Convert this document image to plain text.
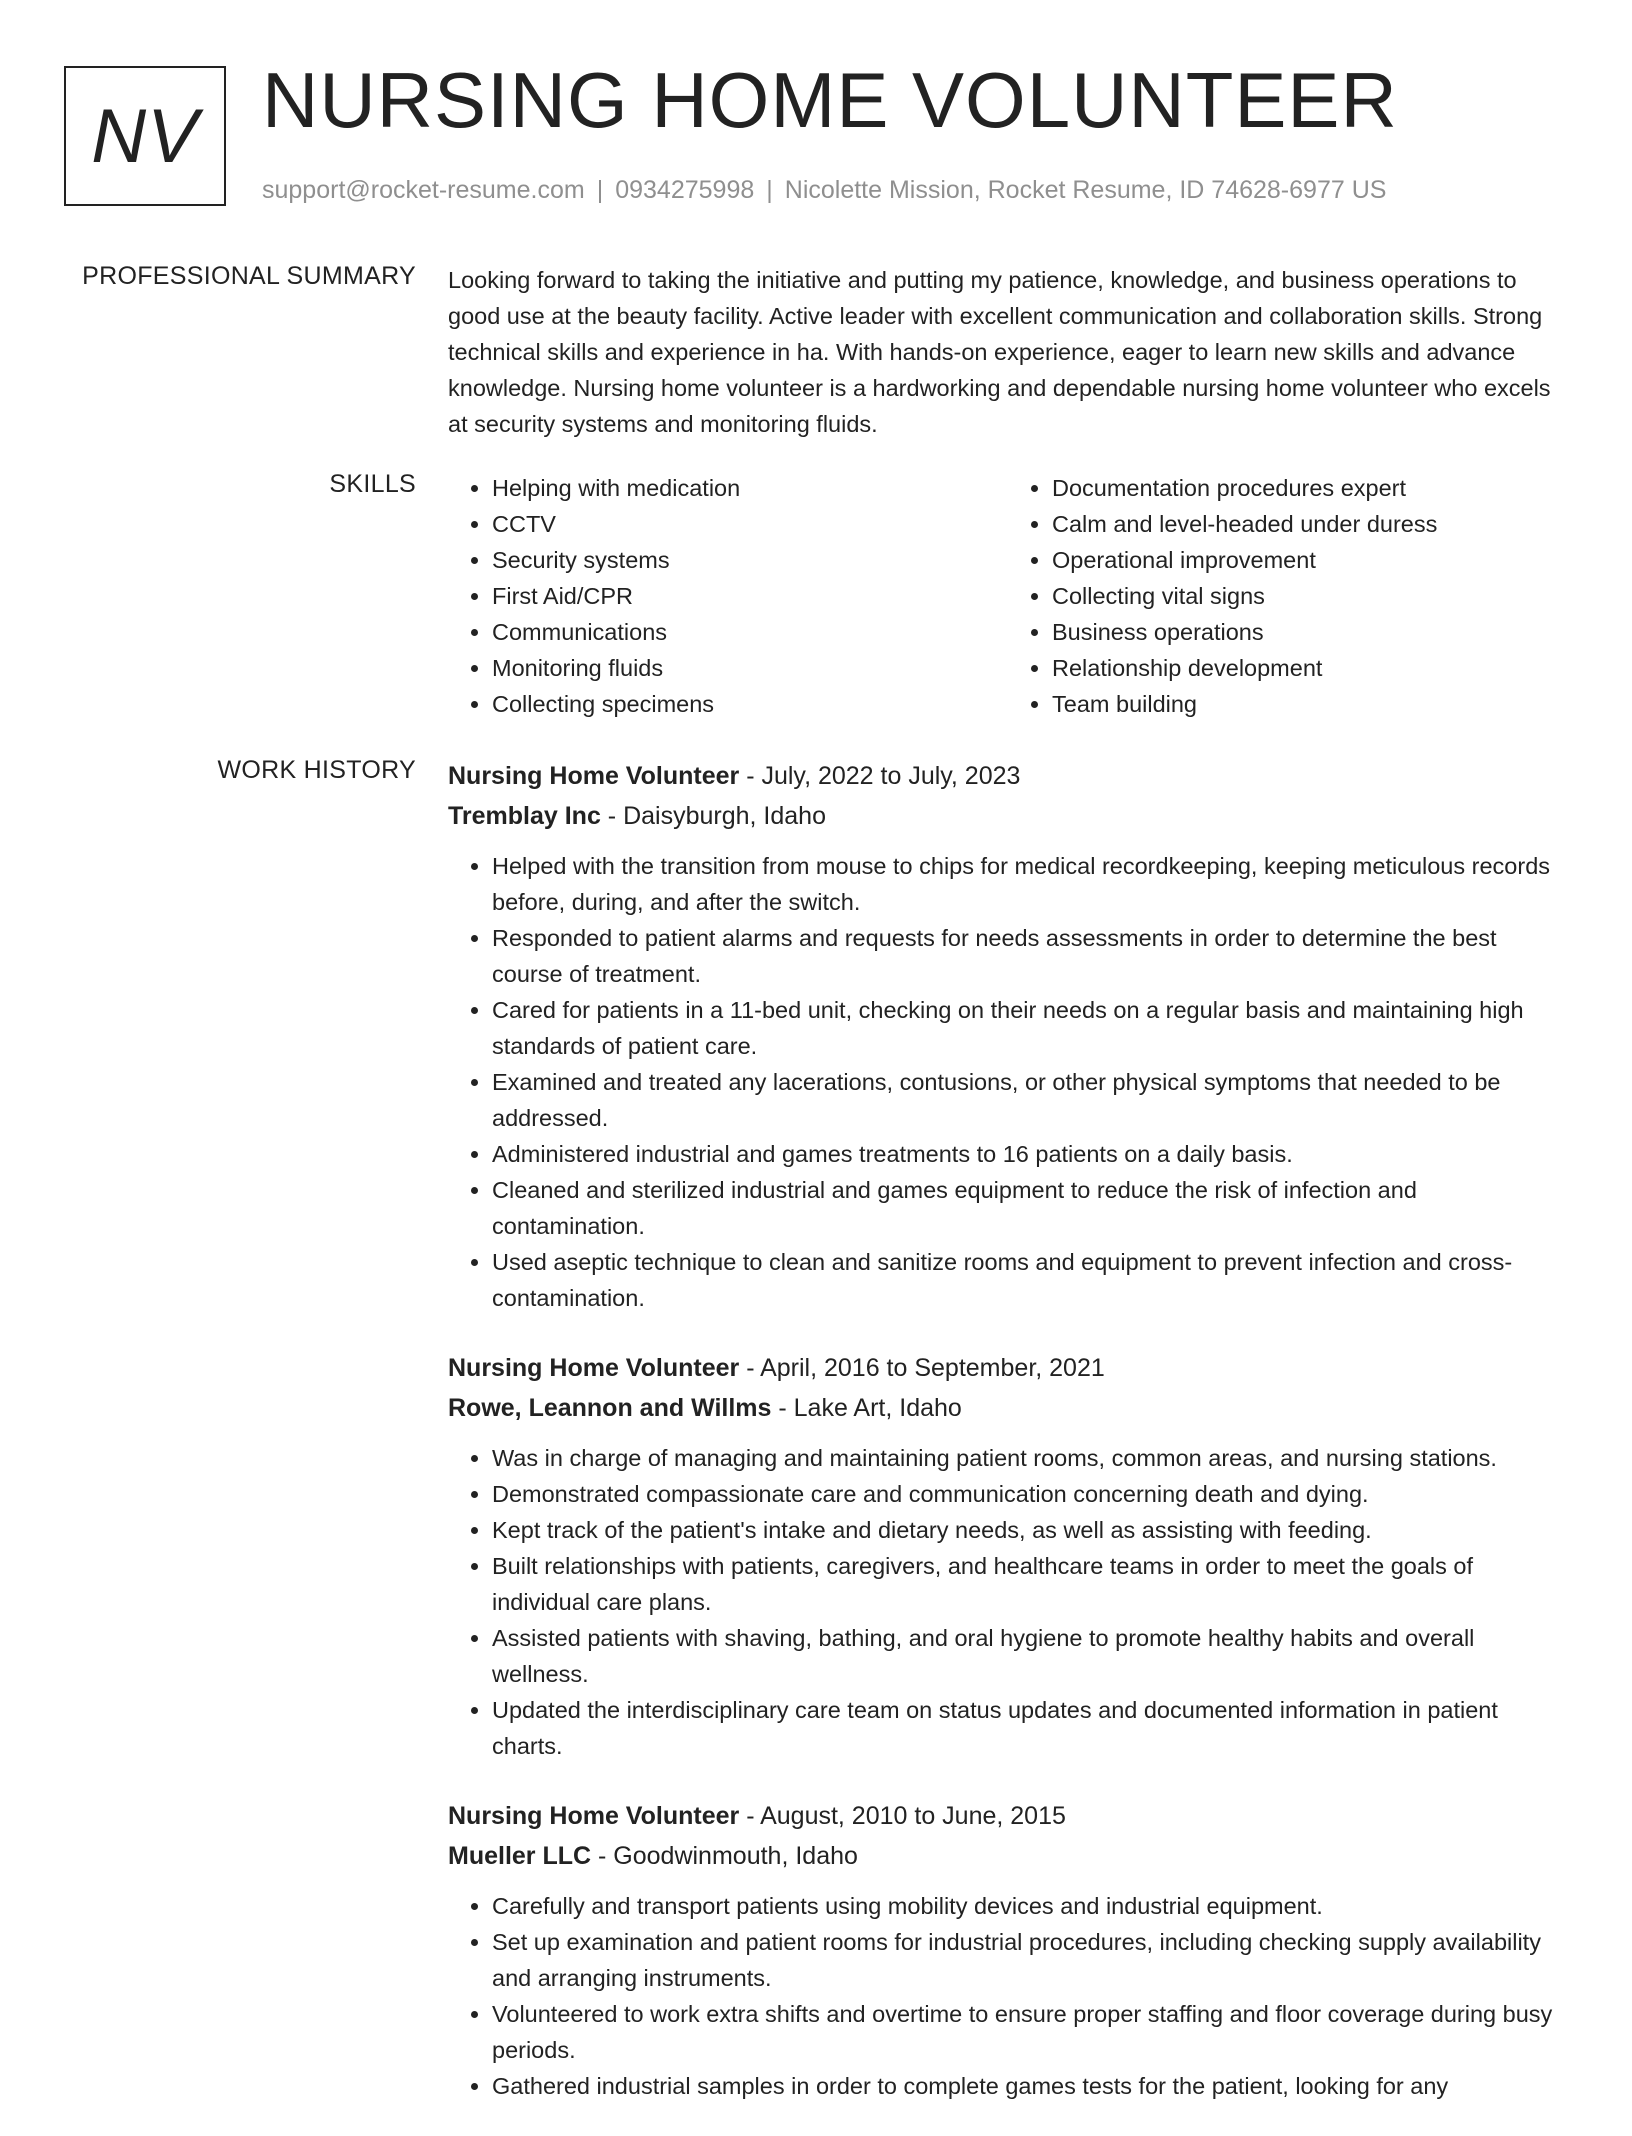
NV NURSING HOME VOLUNTEER
support@rocket-resume.com | 0934275998 | Nicolette Mission, Rocket Resume, ID 74628-6977 US
PROFESSIONAL SUMMARY Looking forward to taking the initiative and putting my patience, knowledge, and business operations to good use at the beauty facility. Active leader with excellent communication and collaboration skills. Strong technical skills and experience in ha. With hands-on experience, eager to learn new skills and advance knowledge. Nursing home volunteer is a hardworking and dependable nursing home volunteer who excels at security systems and monitoring fluids.

SKILLS
•	Helping with medication
• CCTV
• Security systems
• First Aid/CPR
• Communications
• Monitoring fluids
• Collecting specimens
• Documentation procedures expert
• Calm and level-headed under duress
• Operational improvement
• Collecting vital signs
• Business operations
• Relationship development
• Team building
WORK HISTORY Nursing Home Volunteer - July, 2022 to July, 2023
Tremblay Inc - Daisyburgh, Idaho
• Helped with the transition from mouse to chips for medical recordkeeping, keeping meticulous records before, during, and after the switch.
• Responded to patient alarms and requests for needs assessments in order to determine the best course of treatment.
• Cared for patients in a 11-bed unit, checking on their needs on a regular basis and maintaining high standards of patient care.
• Examined and treated any lacerations, contusions, or other physical symptoms that needed to be addressed.
• Administered industrial and games treatments to 16 patients on a daily basis.
• Cleaned and sterilized industrial and games equipment to reduce the risk of infection and contamination.
• Used aseptic technique to clean and sanitize rooms and equipment to prevent infection and cross-contamination.
Nursing Home Volunteer - April, 2016 to September, 2021
Rowe, Leannon and Willms - Lake Art, Idaho
• Was in charge of managing and maintaining patient rooms, common areas, and nursing stations.
• Demonstrated compassionate care and communication concerning death and dying.
• Kept track of the patient's intake and dietary needs, as well as assisting with feeding.
• Built relationships with patients, caregivers, and healthcare teams in order to meet the goals of individual care plans.
• Assisted patients with shaving, bathing, and oral hygiene to promote healthy habits and overall wellness.
• Updated the interdisciplinary care team on status updates and documented information in patient charts.
Nursing Home Volunteer - August, 2010 to June, 2015
Mueller LLC - Goodwinmouth, Idaho
• Carefully and transport patients using mobility devices and industrial equipment.
• Set up examination and patient rooms for industrial procedures, including checking supply availability and arranging instruments.
• Volunteered to work extra shifts and overtime to ensure proper staffing and floor coverage during busy periods.
• Gathered industrial samples in order to complete games tests for the patient, looking for any
